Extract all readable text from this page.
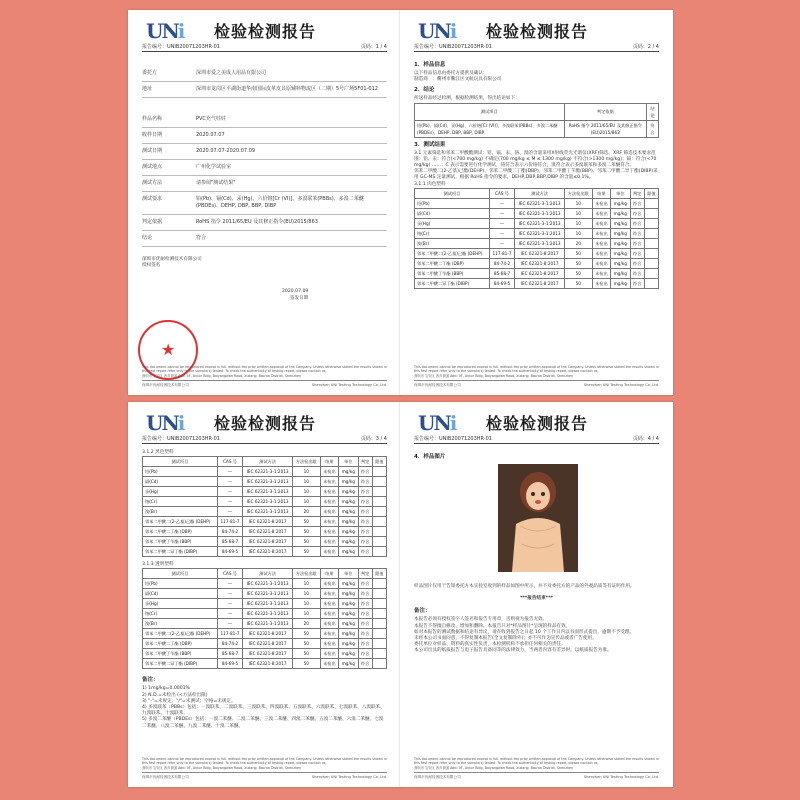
UNi 检验检测报告
报告编号：UNIB20071203HR-01	页码：1 / 4
委托方	深圳市爱之美成人用品有限公司
地址	深圳市龙岗区平湖街道华南国际皮革皮具原辅料物流区（二期）5号广场5F01-012
样品名称	PVC充气娃娃
收样日期	2020.07.07
测试日期	2020.07.07-2020.07.09
测试地点	广州化学试验室
测试方法	请参阅"测试结果"
测试要求	铅(Pb)、镉(Cd)、汞(Hg)、六价铬[Cr (VI)]、多溴联苯(PBBs)、多溴二苯醚(PBDEs)、DEHP, DBP, BBP, DIBP
判定依据	RoHS 指令 2011/65/EU 及其修正指令(EU)2015/863
结论	符合
深圳市优耐检测技术有限公司
授权签名
2020.07.09
签发日期
★
This document cannot be reproduced except in full, without the prior written approval of the Company. Unless otherwise stated the results shown in this test report refer only to the sample(s) tested. To check the authenticity of testing report, please contact us.
深圳市 宝安区 西乡街道 Add: 5F, Anlun Bldg, Baiyangwan Road, Xixiang, Bao'an District, Shenzhen
深圳市优耐检测技术有限公司	Shenzhen UNi Testing Technology Co.,Ltd.
UNi 检验检测报告
报告编号：UNIB20071203HR-01	页码：2 / 4
1．样品信息
以下样品信息由委托方提供及确认:
制造商　：衢州市衢江区文航玩具有限公司
2．结论
所送样品经过检测，根据检测结果，得出结论如下：
测试项目	判定依据	结论
铅(Pb)、镉(Cd)、汞(Hg)、六价铬[Cr (VI)]、多溴联苯(PBBs)、多溴二苯醚(PBDEs)、DEHP, DBP, BBP, DIBP	RoHS 指令 2011/65/EU 及其修正指令(EU)2015/863	符合
3．测试结果
3.1 元素筛选和邻苯二甲酸酯测试：铅、镉、汞、铬、溴的含量采用X射线荧光光谱仪(XRF)筛选。XRF 筛选技术要求范围：铅、汞：符合(<700 mg/kg) 不确定(700 mg/kg ≤ M ≤ 1300 mg/kg) 不符合(>1300 mg/kg)；镉：符合(<70 mg/kg) ……；C 表示需要进行化学测试，铬符合表示六价铬符合，溴符合表示多溴联苯和多溴二苯醚符合。
邻苯二甲酸二(2-乙基)己酯(DEHP)、邻苯二甲酸二丁酯(DBP)、邻苯二甲酸丁苄酯(BBP)、邻苯二甲酸二异丁酯(DIBP)采用 GC-MS 定量测试，根据 RoHS 指令的要求，DEHP,DBP,BBP,DIBP 的含量≤0.1%。
3.1.1 肉色塑料
测试项目	CAS 号	测试方法	方法检出限	结果	单位	判定	限值
铅(Pb)	—	IEC 62321-3-1:2013	10	未检出	mg/kg	符合	
镉(Cd)	—	IEC 62321-3-1:2013	10	未检出	mg/kg	符合	
汞(Hg)	—	IEC 62321-3-1:2013	10	未检出	mg/kg	符合	
铬(Cr)	—	IEC 62321-3-1:2013	10	未检出	mg/kg	符合	
溴(Br)	—	IEC 62321-3-1:2013	20	未检出	mg/kg	符合	
邻苯二甲酸二(2-乙基)己酯 (DEHP)	117-81-7	IEC 62321-8:2017	50	未检出	mg/kg	符合	
邻苯二甲酸二丁酯 (DBP)	84-74-2	IEC 62321-8:2017	50	未检出	mg/kg	符合	
邻苯二甲酸丁苄酯 (BBP)	85-68-7	IEC 62321-8:2017	50	未检出	mg/kg	符合	
邻苯二甲酸二异丁酯 (DIBP)	84-69-5	IEC 62321-8:2017	50	未检出	mg/kg	符合	
This document cannot be reproduced except in full, without the prior written approval of the Company. Unless otherwise stated the results shown in this test report refer only to the sample(s) tested. To check the authenticity of testing report, please contact us.
深圳市 宝安区 西乡街道 Add: 5F, Anlun Bldg, Baiyangwan Road, Xixiang, Bao'an District, Shenzhen
深圳市优耐检测技术有限公司	Shenzhen UNi Testing Technology Co.,Ltd.
UNi 检验检测报告
报告编号：UNIB20071203HR-01	页码：3 / 4
3.1.2 黑色塑料
测试项目	CAS 号	测试方法	方法检出限	结果	单位	判定	限值
铅(Pb)	—	IEC 62321-3-1:2013	10	未检出	mg/kg	符合	
镉(Cd)	—	IEC 62321-3-1:2013	10	未检出	mg/kg	符合	
汞(Hg)	—	IEC 62321-3-1:2013	10	未检出	mg/kg	符合	
铬(Cr)	—	IEC 62321-3-1:2013	10	未检出	mg/kg	符合	
溴(Br)	—	IEC 62321-3-1:2013	20	未检出	mg/kg	符合	
邻苯二甲酸二(2-乙基)己酯 (DEHP)	117-81-7	IEC 62321-8:2017	50	未检出	mg/kg	符合	
邻苯二甲酸二丁酯 (DBP)	84-74-2	IEC 62321-8:2017	50	未检出	mg/kg	符合	
邻苯二甲酸丁苄酯 (BBP)	85-68-7	IEC 62321-8:2017	50	未检出	mg/kg	符合	
邻苯二甲酸二异丁酯 (DIBP)	84-69-5	IEC 62321-8:2017	50	未检出	mg/kg	符合	
3.1.3 透明塑料
测试项目	CAS 号	测试方法	方法检出限	结果	单位	判定	限值
铅(Pb)	—	IEC 62321-3-1:2013	10	未检出	mg/kg	符合	
镉(Cd)	—	IEC 62321-3-1:2013	10	未检出	mg/kg	符合	
汞(Hg)	—	IEC 62321-3-1:2013	10	未检出	mg/kg	符合	
铬(Cr)	—	IEC 62321-3-1:2013	10	未检出	mg/kg	符合	
溴(Br)	—	IEC 62321-3-1:2013	20	未检出	mg/kg	符合	
邻苯二甲酸二(2-乙基)己酯 (DEHP)	117-81-7	IEC 62321-8:2017	50	未检出	mg/kg	符合	
邻苯二甲酸二丁酯 (DBP)	84-74-2	IEC 62321-8:2017	50	未检出	mg/kg	符合	
邻苯二甲酸丁苄酯 (BBP)	85-68-7	IEC 62321-8:2017	50	未检出	mg/kg	符合	
邻苯二甲酸二异丁酯 (DIBP)	84-69-5	IEC 62321-8:2017	50	未检出	mg/kg	符合	
备注：
1) 1mg/kg=0.0001%
2) N.D.=未检出 (<方法检出限)
3) "-"=未规定；"/"=未测试；空格=未规定。
4) 多溴联苯（PBBs）包括：一溴联苯、二溴联苯、三溴联苯、四溴联苯、五溴联苯、六溴联苯、七溴联苯、八溴联苯、九溴联苯、十溴联苯。
5) 多溴二苯醚（PBDEs）包括：一溴二苯醚、二溴二苯醚、三溴二苯醚、四溴二苯醚、五溴二苯醚、六溴二苯醚、七溴二苯醚、八溴二苯醚、九溴二苯醚、十溴二苯醚。
This document cannot be reproduced except in full, without the prior written approval of the Company. Unless otherwise stated the results shown in this test report refer only to the sample(s) tested. To check the authenticity of testing report, please contact us.
深圳市 宝安区 西乡街道 Add: 5F, Anlun Bldg, Baiyangwan Road, Xixiang, Bao'an District, Shenzhen
深圳市优耐检测技术有限公司	Shenzhen UNi Testing Technology Co.,Ltd.
UNi 检验检测报告
报告编号：UNIB20071203HR-01	页码：4 / 4
4．样品图片
样品图片仅用于告知委托方本实验室收到的样品如图中所示，并不对委托方的产品的外观品质等有证明作用。
***报告结束***
备注：
本报告必须有授权签字人签名和报告专用章，否则视为报告无效。
本报告不得擅自修改、增加和删除。本报告只对*样品图片*呈现的样品有效。
如对本报告的测试数据和结论有异议，请在收到报告之日起 10 个工作日内以书面形式提出，逾期不予受理。
未经本公司书面同意，不得复制本报告(全文复制除外)；亦不可作为宣传品或者广告使用。
委托单位对样品、资料的真实性负责，本检测机构不承担任何相关的责任。
本公司出具的纸质报告与电子报告具备同等的法律效力，当两者内容有差异时，以纸质报告为准。
This document cannot be reproduced except in full, without the prior written approval of the Company. Unless otherwise stated the results shown in this test report refer only to the sample(s) tested. To check the authenticity of testing report, please contact us.
深圳市 宝安区 西乡街道 Add: 5F, Anlun Bldg, Baiyangwan Road, Xixiang, Bao'an District, Shenzhen
深圳市优耐检测技术有限公司	Shenzhen UNi Testing Technology Co.,Ltd.
